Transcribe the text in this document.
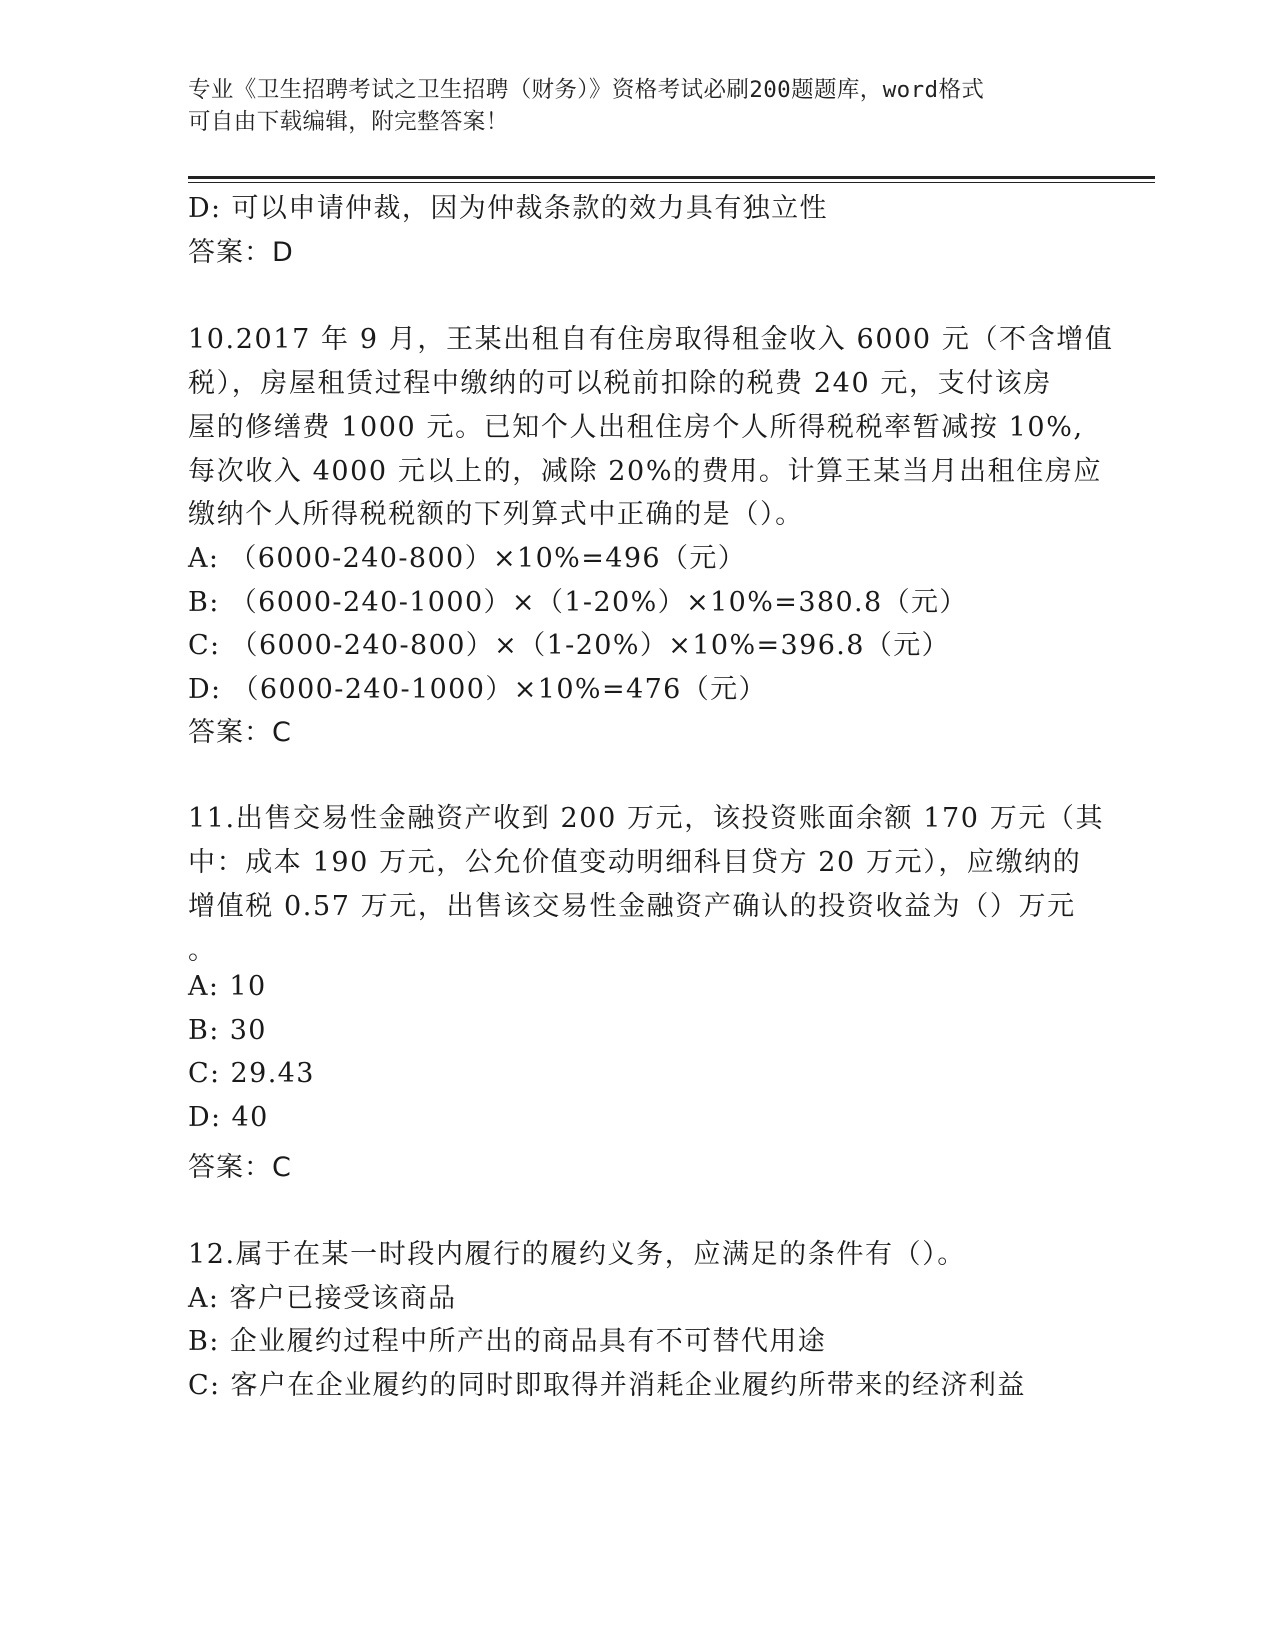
专业《卫生招聘考试之卫生招聘（财务）》资格考试必刷200题题库，word格式
可自由下载编辑，附完整答案！
D: 可以申请仲裁，因为仲裁条款的效力具有独立性
答案：D
10.2017 年 9 月，王某出租自有住房取得租金收入 6000 元（不含增值
税），房屋租赁过程中缴纳的可以税前扣除的税费 240 元，支付该房
屋的修缮费 1000 元。已知个人出租住房个人所得税税率暂减按 10%,
每次收入 4000 元以上的，减除 20%的费用。计算王某当月出租住房应
缴纳个人所得税税额的下列算式中正确的是（）。
A: （6000-240-800）×10%=496（元）
B: （6000-240-1000）×（1-20%）×10%=380.8（元）
C: （6000-240-800）×（1-20%）×10%=396.8（元）
D: （6000-240-1000）×10%=476（元）
答案：C
11.出售交易性金融资产收到 200 万元，该投资账面余额 170 万元（其
中：成本 190 万元，公允价值变动明细科目贷方 20 万元），应缴纳的
增值税 0.57 万元，出售该交易性金融资产确认的投资收益为（）万元
。
A: 10
B: 30
C: 29.43
D: 40
答案：C
12.属于在某一时段内履行的履约义务，应满足的条件有（）。
A: 客户已接受该商品
B: 企业履约过程中所产出的商品具有不可替代用途
C: 客户在企业履约的同时即取得并消耗企业履约所带来的经济利益
